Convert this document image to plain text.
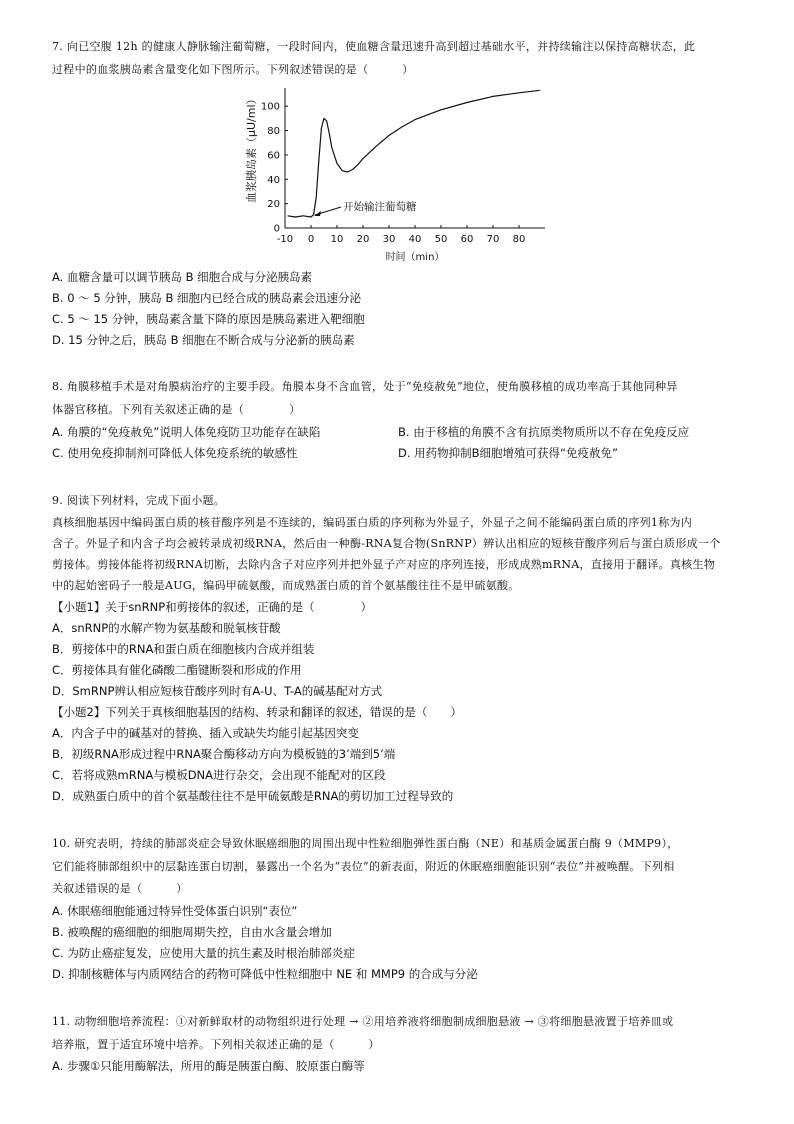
7. 向已空腹 12h 的健康人静脉输注葡萄糖，一段时间内，使血糖含量迅速升高到超过基础水平，并持续输注以保持高糖状态，此
过程中的血浆胰岛素含量变化如下图所示。下列叙述错误的是（　　　）
0
20
40
60
80
100
-10 0 10 20 30 40 50 60 70 80
开始输注葡萄糖
血浆胰岛素（μU/ml）
时间（min）
A. 血糖含量可以调节胰岛 B 细胞合成与分泌胰岛素
B. 0 ～ 5 分钟，胰岛 B 细胞内已经合成的胰岛素会迅速分泌
C. 5 ～ 15 分钟，胰岛素含量下降的原因是胰岛素进入靶细胞
D. 15 分钟之后，胰岛 B 细胞在不断合成与分泌新的胰岛素
8. 角膜移植手术是对角膜病治疗的主要手段。角膜本身不含血管，处于“免疫赦免”地位，使角膜移植的成功率高于其他同种异
体器官移植。下列有关叙述正确的是（　　　　）
A. 角膜的“免疫赦免”说明人体免疫防卫功能存在缺陷	B. 由于移植的角膜不含有抗原类物质所以不存在免疫反应
C. 使用免疫抑制剂可降低人体免疫系统的敏感性	D. 用药物抑制B细胞增殖可获得“免疫赦免”
9. 阅读下列材料，完成下面小题。
真核细胞基因中编码蛋白质的核苷酸序列是不连续的，编码蛋白质的序列称为外显子，外显子之间不能编码蛋白质的序列1称为内
含子。外显子和内含子均会被转录成初级RNA，然后由一种酶-RNA复合物(SnRNP）辨认出相应的短核苷酸序列后与蛋白质形成一个
剪接体。剪接体能将初级RNA切断，去除内含子对应序列并把外显子产对应的序列连接，形成成熟mRNA，直接用于翻译。真核生物
中的起始密码子一般是AUG，编码甲硫氨酸，而成熟蛋白质的首个氨基酸往往不是甲硫氨酸。
【小题1】关于snRNP和剪接体的叙述，正确的是（　　　　）
A．snRNP的水解产物为氨基酸和脱氧核苷酸
B．剪接体中的RNA和蛋白质在细胞核内合成并组装
C．剪接体具有催化磷酸二酯键断裂和形成的作用
D．SmRNP辨认相应短核苷酸序列时有A-U、T-A的碱基配对方式
【小题2】下列关于真核细胞基因的结构、转录和翻译的叙述，错误的是（　　）
A．内含子中的碱基对的替换、插入或缺失均能引起基因突变
B．初级RNA形成过程中RNA聚合酶移动方向为模板链的3’端到5’端
C．若将成熟mRNA与模板DNA进行杂交，会出现不能配对的区段
D．成熟蛋白质中的首个氨基酸往往不是甲硫氨酸是RNA的剪切加工过程导致的
10. 研究表明，持续的肺部炎症会导致休眠癌细胞的周围出现中性粒细胞弹性蛋白酶（NE）和基质金属蛋白酶 9（MMP9），
它们能将肺部组织中的层黏连蛋白切割，暴露出一个名为“表位”的新表面，附近的休眠癌细胞能识别“表位”并被唤醒。下列相
关叙述错误的是（　　　）
A. 休眠癌细胞能通过特异性受体蛋白识别“表位”
B. 被唤醒的癌细胞的细胞周期失控，自由水含量会增加
C. 为防止癌症复发，应使用大量的抗生素及时根治肺部炎症
D. 抑制核糖体与内质网结合的药物可降低中性粒细胞中 NE 和 MMP9 的合成与分泌
11. 动物细胞培养流程：①对新鲜取材的动物组织进行处理 → ②用培养液将细胞制成细胞悬液 → ③将细胞悬液置于培养皿或
培养瓶，置于适宜环境中培养。下列相关叙述正确的是（　　　）
A. 步骤①只能用酶解法，所用的酶是胰蛋白酶、胶原蛋白酶等
